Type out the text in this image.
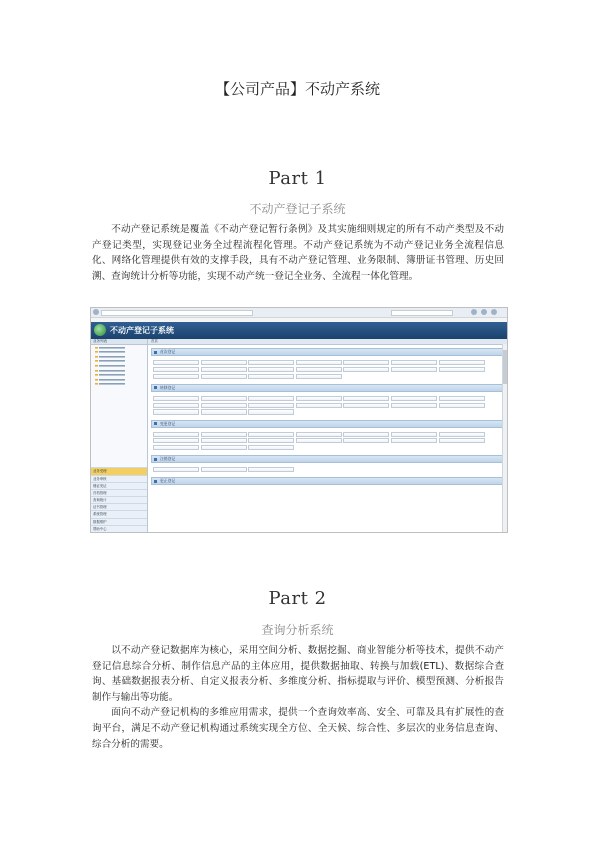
【公司产品】不动产系统
Part 1
不动产登记子系统

不动产登记系统是覆盖《不动产登记暂行条例》及其实施细则规定的所有不动产类型及不动产登记类型，实现登记业务全过程流程化管理。不动产登记系统为不动产登记业务全流程信息化、网络化管理提供有效的支撑手段，具有不动产登记管理、业务限制、簿册证书管理、历史回溯、查询统计分析等功能，实现不动产统一登记全业务、全流程一体化管理。

不动产登记子系统
业务列表
业务受理
业务审核
缮证发证
归档管理
查询统计
证书管理
系统管理
数据维护
帮助中心
首页
首次登记
转移登记
变更登记
注销登记
更正登记
Part 2
查询分析系统

以不动产登记数据库为核心，采用空间分析、数据挖掘、商业智能分析等技术，提供不动产登记信息综合分析、制作信息产品的主体应用，提供数据抽取、转换与加载(ETL)、数据综合查询、基础数据报表分析、自定义报表分析、多维度分析、指标提取与评价、模型预测、分析报告制作与输出等功能。

面向不动产登记机构的多维应用需求，提供一个查询效率高、安全、可靠及具有扩展性的查询平台，满足不动产登记机构通过系统实现全方位、全天候、综合性、多层次的业务信息查询、综合分析的需要。
